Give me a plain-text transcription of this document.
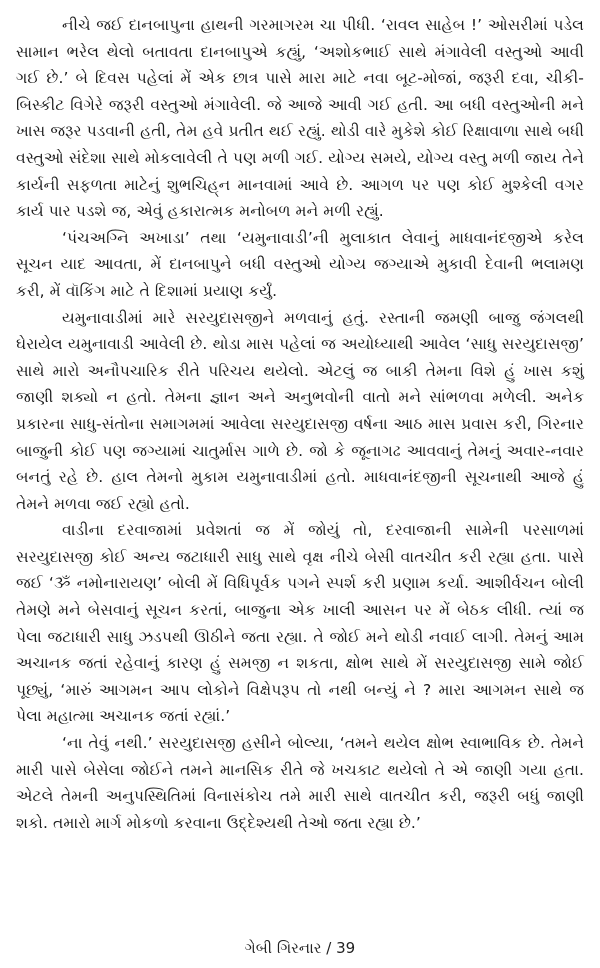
નીચે જઈ દાનબાપુના હાથની ગરમાગરમ ચા પીધી. ‘રાવલ સાહેબ !’ ઓસરીમાં પડેલ સામાન ભરેલ થેલો બતાવતા દાનબાપુએ કહ્યું, ‘અશોકભાઈ સાથે મંગાવેલી વસ્તુઓ આવી ગઈ છે.’ બે દિવસ પહેલાં મેં એક છાત્ર પાસે મારા માટે નવા બૂટ-મોજાં, જરૂરી દવા, ચીકી-બિસ્કીટ વિગેરે જરૂરી વસ્તુઓ મંગાવેલી. જે આજે આવી ગઈ હતી. આ બધી વસ્તુઓની મને ખાસ જરૂર પડવાની હતી, તેમ હવે પ્રતીત થઈ રહ્યું. થોડી વારે મુકેશે કોઈ રિક્ષાવાળા સાથે બધી વસ્તુઓ સંદેશા સાથે મોકલાવેલી તે પણ મળી ગઈ. યોગ્ય સમયે, યોગ્ય વસ્તુ મળી જાય તેને કાર્યની સફળતા માટેનું શુભચિહ્‌ન માનવામાં આવે છે. આગળ પર પણ કોઈ મુશ્કેલી વગર કાર્ય પાર પડશે જ, એવું હકારાત્મક મનોબળ મને મળી રહ્યું.

‘પંચઅગ્નિ અખાડા’ તથા ‘યમુનાવાડી’ની મુલાકાત લેવાનું માધવાનંદજીએ કરેલ સૂચન યાદ આવતા, મેં દાનબાપુને બધી વસ્તુઓ યોગ્ય જગ્યાએ મુકાવી દેવાની ભલામણ કરી, મેં વૉકિંગ માટે તે દિશામાં પ્રયાણ કર્યું.

યમુનાવાડીમાં મારે સરયુદાસજીને મળવાનું હતું. રસ્તાની જમણી બાજુ જંગલથી ઘેરાયેલ યમુનાવાડી આવેલી છે. થોડા માસ પહેલાં જ અયોધ્યાથી આવેલ ‘સાધુ સરયુદાસજી’ સાથે મારો અનૌપચારિક રીતે પરિચય થયેલો. એટલું જ બાકી તેમના વિશે હું ખાસ કશું જાણી શક્યો ન હતો. તેમના જ્ઞાન અને અનુભવોની વાતો મને સાંભળવા મળેલી. અનેક પ્રકારના સાધુ-સંતોના સમાગમમાં આવેલા સરયુદાસજી વર્ષના આઠ માસ પ્રવાસ કરી, ગિરનાર બાજુની કોઈ પણ જગ્યામાં ચાતુર્માસ ગાળે છે. જો કે જૂનાગઢ આવવાનું તેમનું અવાર-નવાર બનતું રહે છે. હાલ તેમનો મુકામ યમુનાવાડીમાં હતો. માધવાનંદજીની સૂચનાથી આજે હું તેમને મળવા જઈ રહ્યો હતો.

વાડીના દરવાજામાં પ્રવેશતાં જ મેં જોયું તો, દરવાજાની સામેની પરસાળમાં સરયુદાસજી કોઈ અન્ય જટાધારી સાધુ સાથે વૃક્ષ નીચે બેસી વાતચીત કરી રહ્યા હતા. પાસે જઈ ‘ૐ નમોનારાયણ’ બોલી મેં વિધિપૂર્વક પગને સ્પર્શ કરી પ્રણામ કર્યા. આશીર્વચન બોલી તેમણે મને બેસવાનું સૂચન કરતાં, બાજુના એક ખાલી આસન પર મેં બેઠક લીધી. ત્યાં જ પેલા જટાધારી સાધુ ઝડપથી ઊઠીને જતા રહ્યા. તે જોઈ મને થોડી નવાઈ લાગી. તેમનું આમ અચાનક જતાં રહેવાનું કારણ હું સમજી ન શકતા, ક્ષોભ સાથે મેં સરયુદાસજી સામે જોઈ પૂછ્યું, ‘મારું આગમન આપ લોકોને વિક્ષેપરૂપ તો નથી બન્યું ને ? મારા આગમન સાથે જ પેલા મહાત્મા અચાનક જતાં રહ્યાં.’

‘ના તેવું નથી.’ સરયુદાસજી હસીને બોલ્યા, ‘તમને થયેલ ક્ષોભ સ્વાભાવિક છે. તેમને મારી પાસે બેસેલા જોઈને તમને માનસિક રીતે જે ખચકાટ થયેલો તે એ જાણી ગયા હતા. એટલે તેમની અનુપસ્થિતિમાં વિનાસંકોચ તમે મારી સાથે વાતચીત કરી, જરૂરી બધું જાણી શકો. તમારો માર્ગ મોકળો કરવાના ઉદ્દેશ્યથી તેઓ જતા રહ્યા છે.’

ગેબી ગિરનાર / 39
